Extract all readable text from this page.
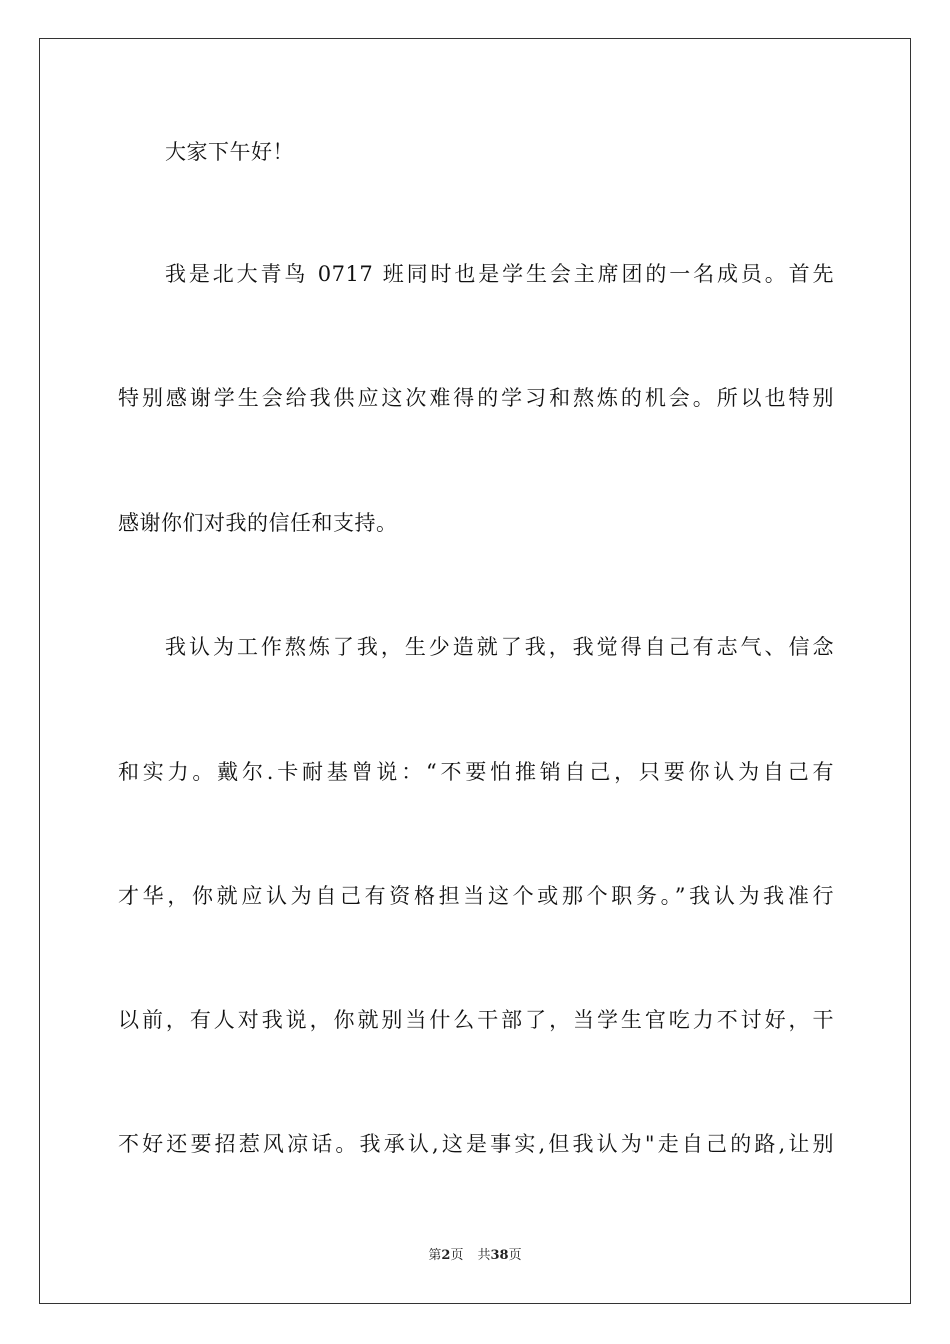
大家下午好！
我是北大青鸟 0717 班同时也是学生会主席团的一名成员。首先
特别感谢学生会给我供应这次难得的学习和熬炼的机会。所以也特别
感谢你们对我的信任和支持。
我认为工作熬炼了我，生少造就了我，我觉得自己有志气、信念
和实力。戴尔.卡耐基曾说：“不要怕推销自己，只要你认为自己有
才华，你就应认为自己有资格担当这个或那个职务。”我认为我准行
以前，有人对我说，你就别当什么干部了，当学生官吃力不讨好，干
不好还要招惹风凉话。我承认,这是事实,但我认为"走自己的路,让别
第2页 共38页
